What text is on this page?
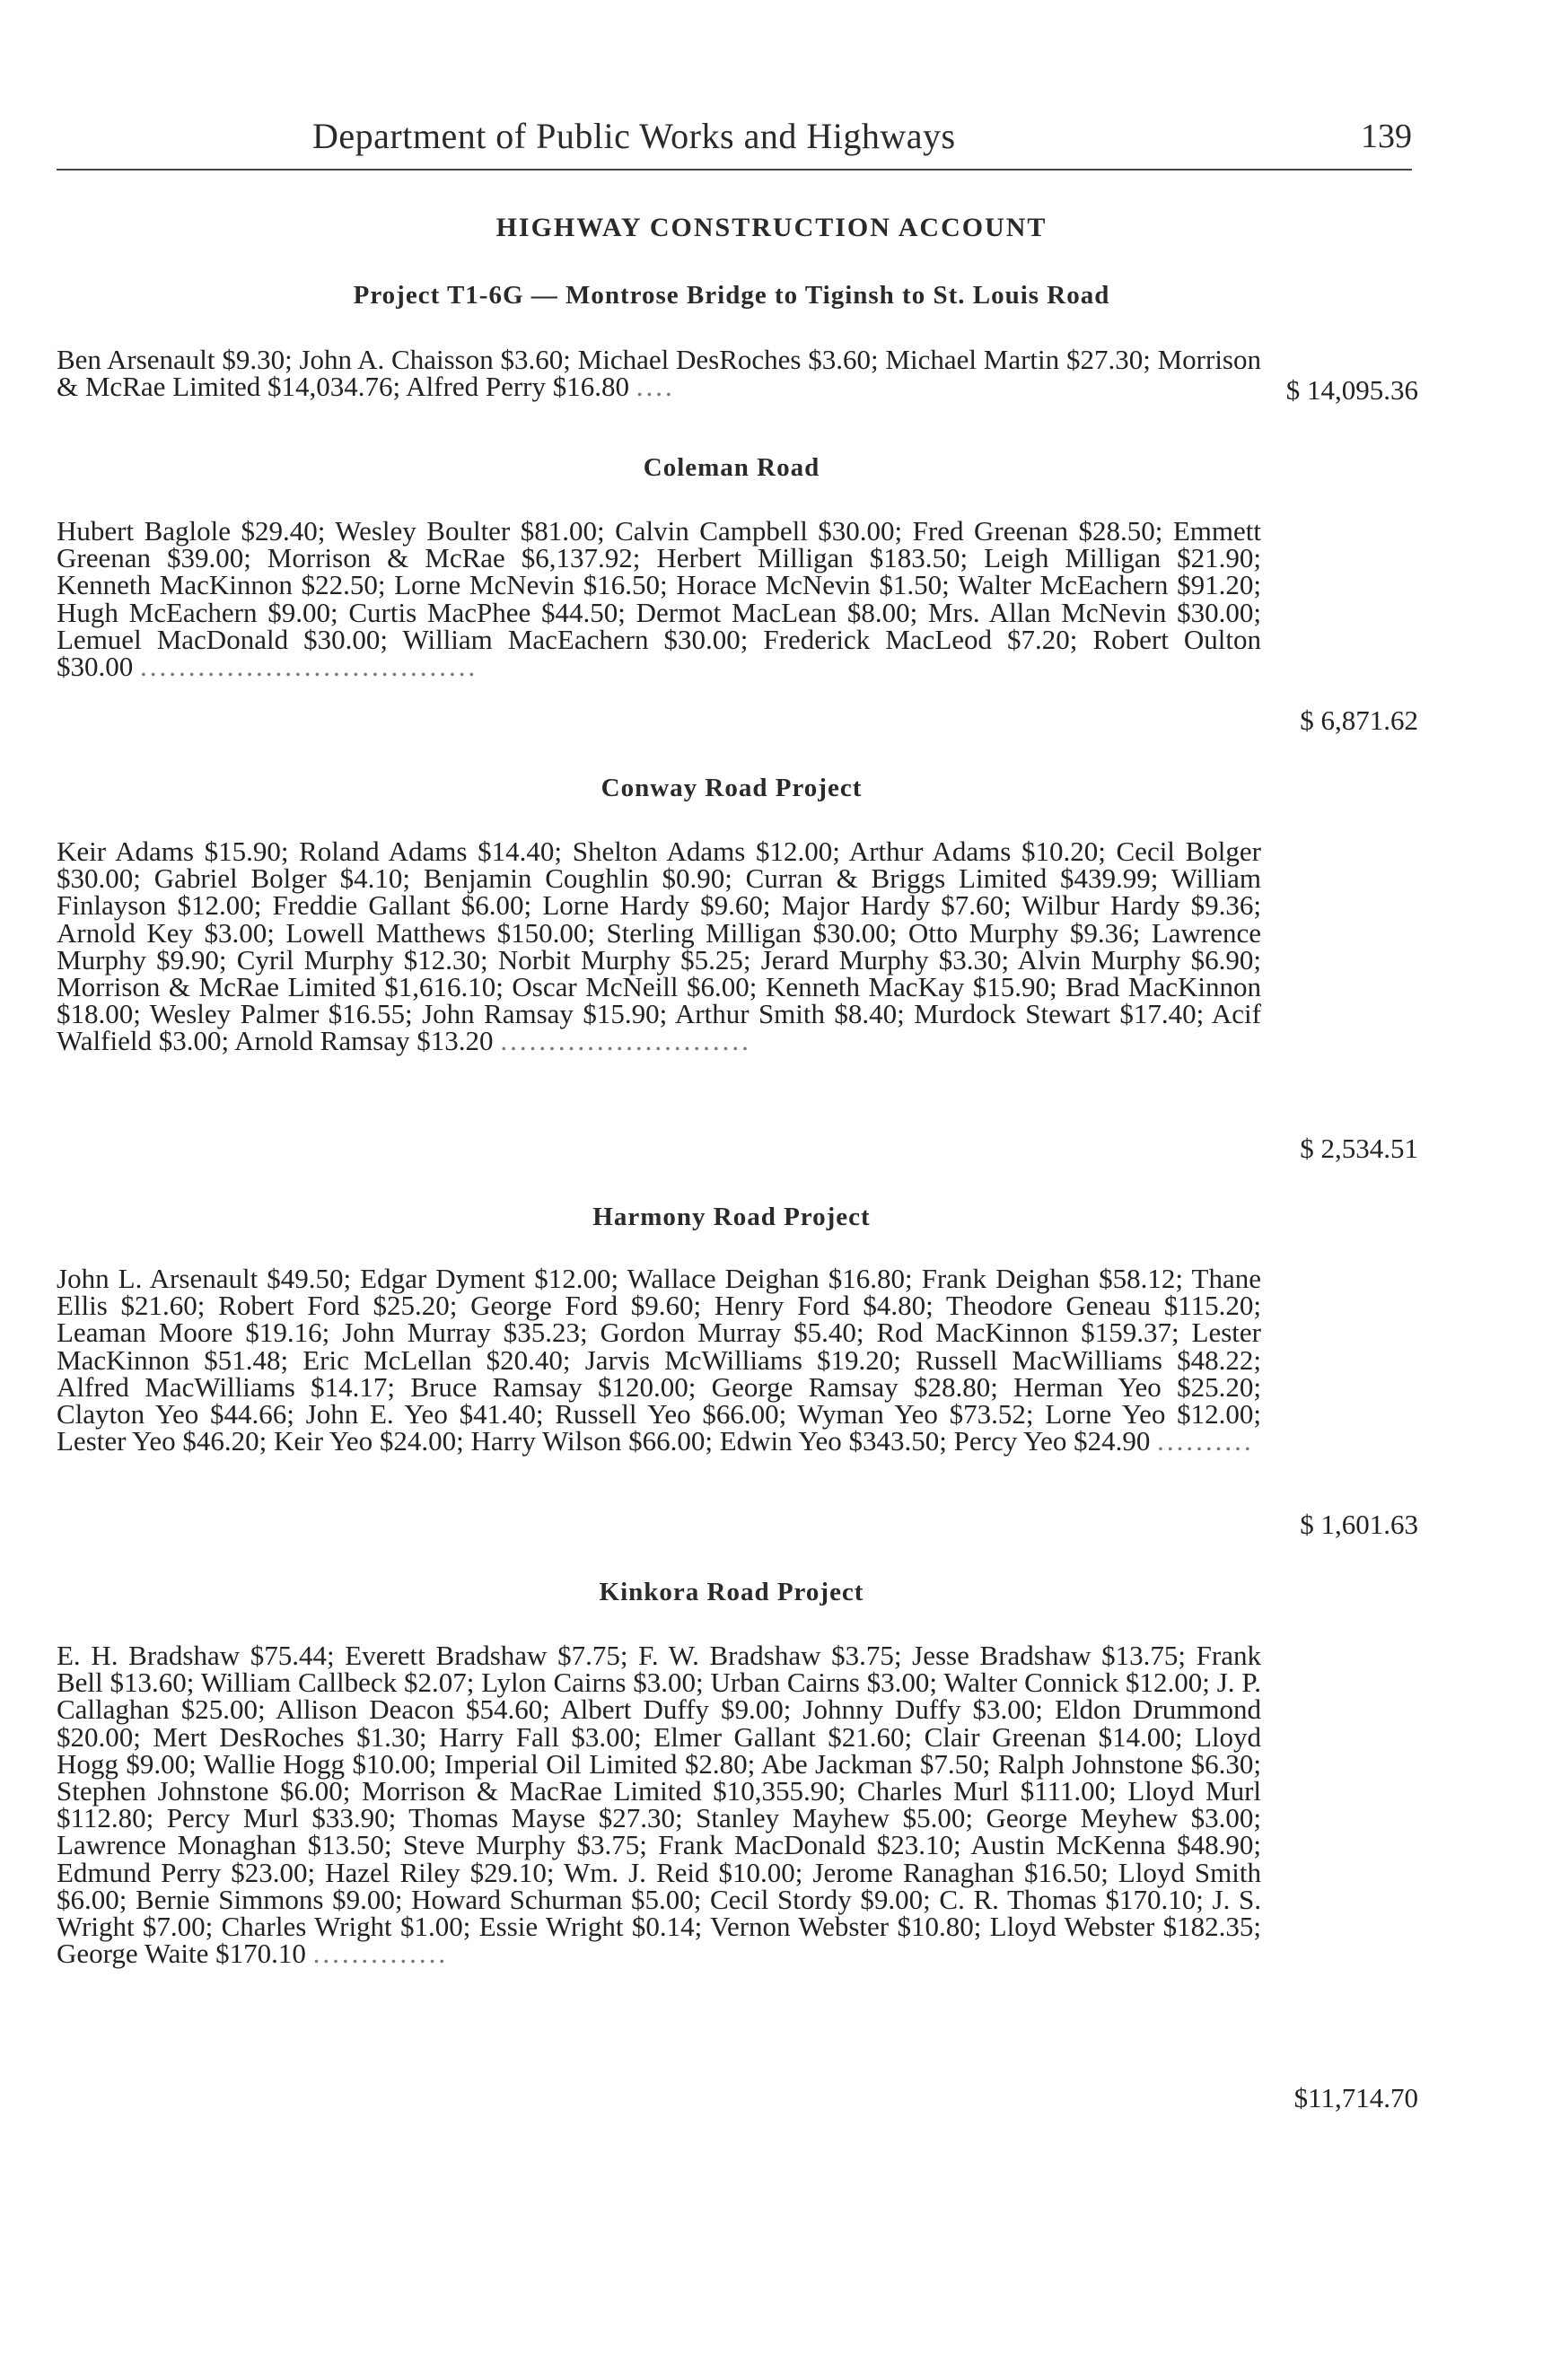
Department of Public Works and Highways	139
HIGHWAY CONSTRUCTION ACCOUNT
Project T1-6G — Montrose Bridge to Tiginsh to St. Louis Road

Ben Arsenault $9.30; John A. Chaisson $3.60; Michael DesRoches $3.60; Michael Martin $27.30; Morrison & McRae Limited $14,034.76; Alfred Perry $16.80 ....	$ 14,095.36
Coleman Road

Hubert Baglole $29.40; Wesley Boulter $81.00; Calvin Campbell $30.00; Fred Greenan $28.50; Emmett Greenan $39.00; Morrison & McRae $6,137.92; Herbert Milligan $183.50; Leigh Milligan $21.90; Kenneth MacKinnon $22.50; Lorne McNevin $16.50; Horace McNevin $1.50; Walter McEachern $91.20; Hugh McEachern $9.00; Curtis MacPhee $44.50; Dermot MacLean $8.00; Mrs. Allan McNevin $30.00; Lemuel MacDonald $30.00; William MacEachern $30.00; Frederick MacLeod $7.20; Robert Oulton $30.00 ...................................

$ 6,871.62
Conway Road Project

Keir Adams $15.90; Roland Adams $14.40; Shelton Adams $12.00; Arthur Adams $10.20; Cecil Bolger $30.00; Gabriel Bolger $4.10; Benjamin Coughlin $0.90; Curran & Briggs Limited $439.99; William Finlayson $12.00; Freddie Gallant $6.00; Lorne Hardy $9.60; Major Hardy $7.60; Wilbur Hardy $9.36; Arnold Key $3.00; Lowell Matthews $150.00; Sterling Milligan $30.00; Otto Murphy $9.36; Lawrence Murphy $9.90; Cyril Murphy $12.30; Norbit Murphy $5.25; Jerard Murphy $3.30; Alvin Murphy $6.90; Morrison & McRae Limited $1,616.10; Oscar McNeill $6.00; Kenneth MacKay $15.90; Brad MacKinnon $18.00; Wesley Palmer $16.55; John Ramsay $15.90; Arthur Smith $8.40; Murdock Stewart $17.40; Acif Walfield $3.00; Arnold Ramsay $13.20 ..........................

$ 2,534.51
Harmony Road Project

John L. Arsenault $49.50; Edgar Dyment $12.00; Wallace Deighan $16.80; Frank Deighan $58.12; Thane Ellis $21.60; Robert Ford $25.20; George Ford $9.60; Henry Ford $4.80; Theodore Geneau $115.20; Leaman Moore $19.16; John Murray $35.23; Gordon Murray $5.40; Rod MacKinnon $159.37; Lester MacKinnon $51.48; Eric McLellan $20.40; Jarvis McWilliams $19.20; Russell MacWilliams $48.22; Alfred MacWilliams $14.17; Bruce Ramsay $120.00; George Ramsay $28.80; Herman Yeo $25.20; Clayton Yeo $44.66; John E. Yeo $41.40; Russell Yeo $66.00; Wyman Yeo $73.52; Lorne Yeo $12.00; Lester Yeo $46.20; Keir Yeo $24.00; Harry Wilson $66.00; Edwin Yeo $343.50; Percy Yeo $24.90 ..........

$ 1,601.63
Kinkora Road Project

E. H. Bradshaw $75.44; Everett Bradshaw $7.75; F. W. Bradshaw $3.75; Jesse Bradshaw $13.75; Frank Bell $13.60; William Callbeck $2.07; Lylon Cairns $3.00; Urban Cairns $3.00; Walter Connick $12.00; J. P. Callaghan $25.00; Allison Deacon $54.60; Albert Duffy $9.00; Johnny Duffy $3.00; Eldon Drummond $20.00; Mert DesRoches $1.30; Harry Fall $3.00; Elmer Gallant $21.60; Clair Greenan $14.00; Lloyd Hogg $9.00; Wallie Hogg $10.00; Imperial Oil Limited $2.80; Abe Jackman $7.50; Ralph Johnstone $6.30; Stephen Johnstone $6.00; Morrison & MacRae Limited $10,355.90; Charles Murl $111.00; Lloyd Murl $112.80; Percy Murl $33.90; Thomas Mayse $27.30; Stanley Mayhew $5.00; George Meyhew $3.00; Lawrence Monaghan $13.50; Steve Murphy $3.75; Frank MacDonald $23.10; Austin McKenna $48.90; Edmund Perry $23.00; Hazel Riley $29.10; Wm. J. Reid $10.00; Jerome Ranaghan $16.50; Lloyd Smith $6.00; Bernie Simmons $9.00; Howard Schurman $5.00; Cecil Stordy $9.00; C. R. Thomas $170.10; J. S. Wright $7.00; Charles Wright $1.00; Essie Wright $0.14; Vernon Webster $10.80; Lloyd Webster $182.35; George Waite $170.10 ..............

$11,714.70
